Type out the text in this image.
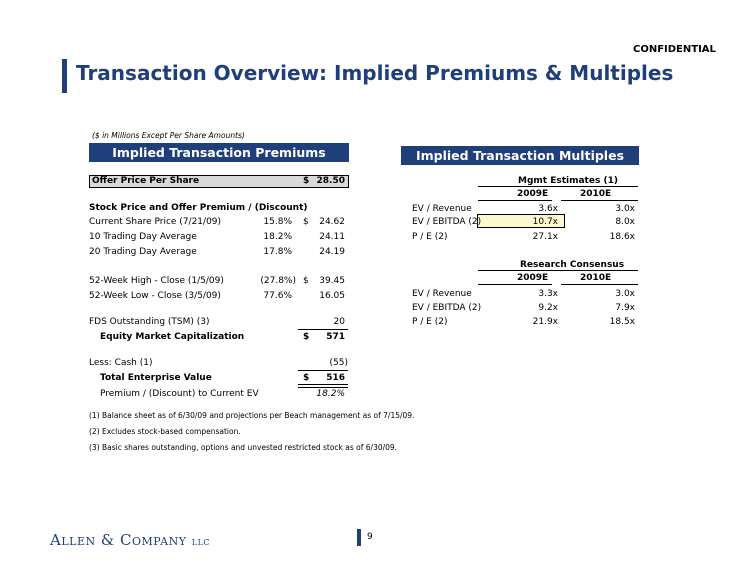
CONFIDENTIAL
Transaction Overview: Implied Premiums & Multiples
($ in Millions Except Per Share Amounts)
Implied Transaction Premiums	Implied Transaction Multiples
Offer Price Per Share	$ 28.50
Stock Price and Offer Premium / (Discount)
Current Share Price (7/21/09)	15.8% $	24.62
10 Trading Day Average	18.2%	24.11
20 Trading Day Average	17.8%	24.19
52-Week High - Close (1/5/09)	(27.8%) $	39.45
52-Week Low - Close (3/5/09)	77.6%	16.05
FDS Outstanding (TSM) (3)	20
Equity Market Capitalization	$	571
Less: Cash (1)	(55)
Total Enterprise Value	$	516
Premium / (Discount) to Current EV	18.2%
Mgmt Estimates (1)
2009E	2010E
EV / Revenue	3.6x	3.0x
EV / EBITDA (2)	10.7x	8.0x
P / E (2)	27.1x	18.6x
Research Consensus
2009E	2010E
EV / Revenue	3.3x	3.0x
EV / EBITDA (2)	9.2x	7.9x
P / E (2)	21.9x	18.5x
(1) Balance sheet as of 6/30/09 and projections per Beach management as of 7/15/09.
(2) Excludes stock-based compensation.
(3) Basic shares outstanding, options and unvested restricted stock as of 6/30/09.
Allen & Company llc	9
